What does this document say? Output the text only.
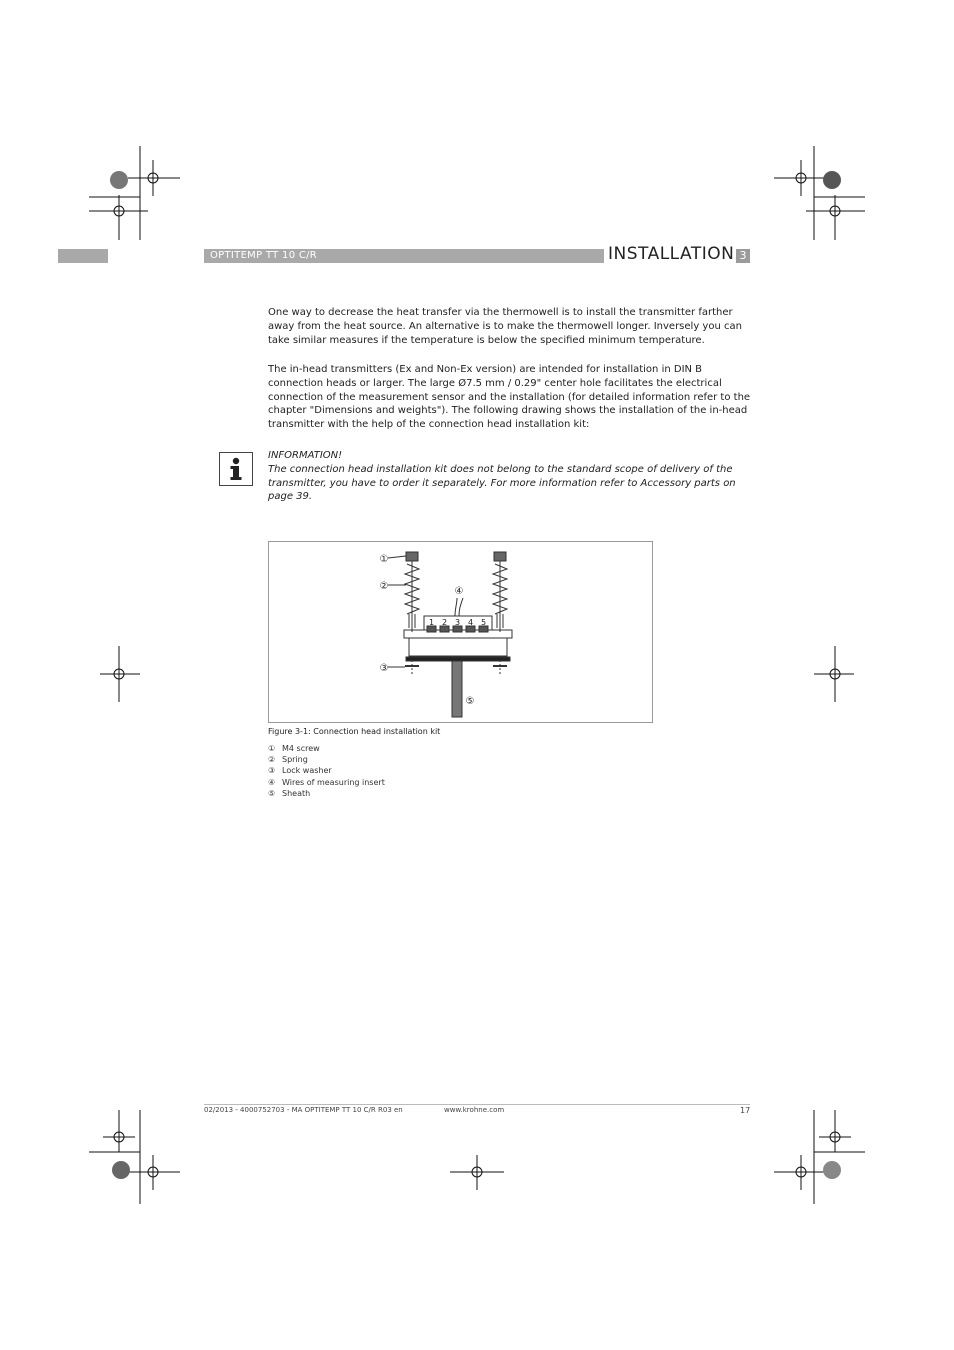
OPTITEMP TT 10 C/R	INSTALLATION 3

One way to decrease the heat transfer via the thermowell is to install the transmitter farther away from the heat source. An alternative is to make the thermowell longer. Inversely you can take similar measures if the temperature is below the specified minimum temperature.

The in-head transmitters (Ex and Non-Ex version) are intended for installation in DIN B connection heads or larger. The large Ø7.5 mm / 0.29" center hole facilitates the electrical connection of the measurement sensor and the installation (for detailed information refer to the chapter "Dimensions and weights"). The following drawing shows the installation of the in-head transmitter with the help of the connection head installation kit:

INFORMATION!
The connection head installation kit does not belong to the standard scope of delivery of the transmitter, you have to order it separately. For more information refer to Accessory parts on page 39.
1 2 3 4 5
①
②
③
④
⑤
Figure 3-1: Connection head installation kit
① M4 screw
② Spring
③ Lock washer
④ Wires of measuring insert
⑤ Sheath
02/2013 - 4000752703 - MA OPTITEMP TT 10 C/R R03 en	www.krohne.com	17
